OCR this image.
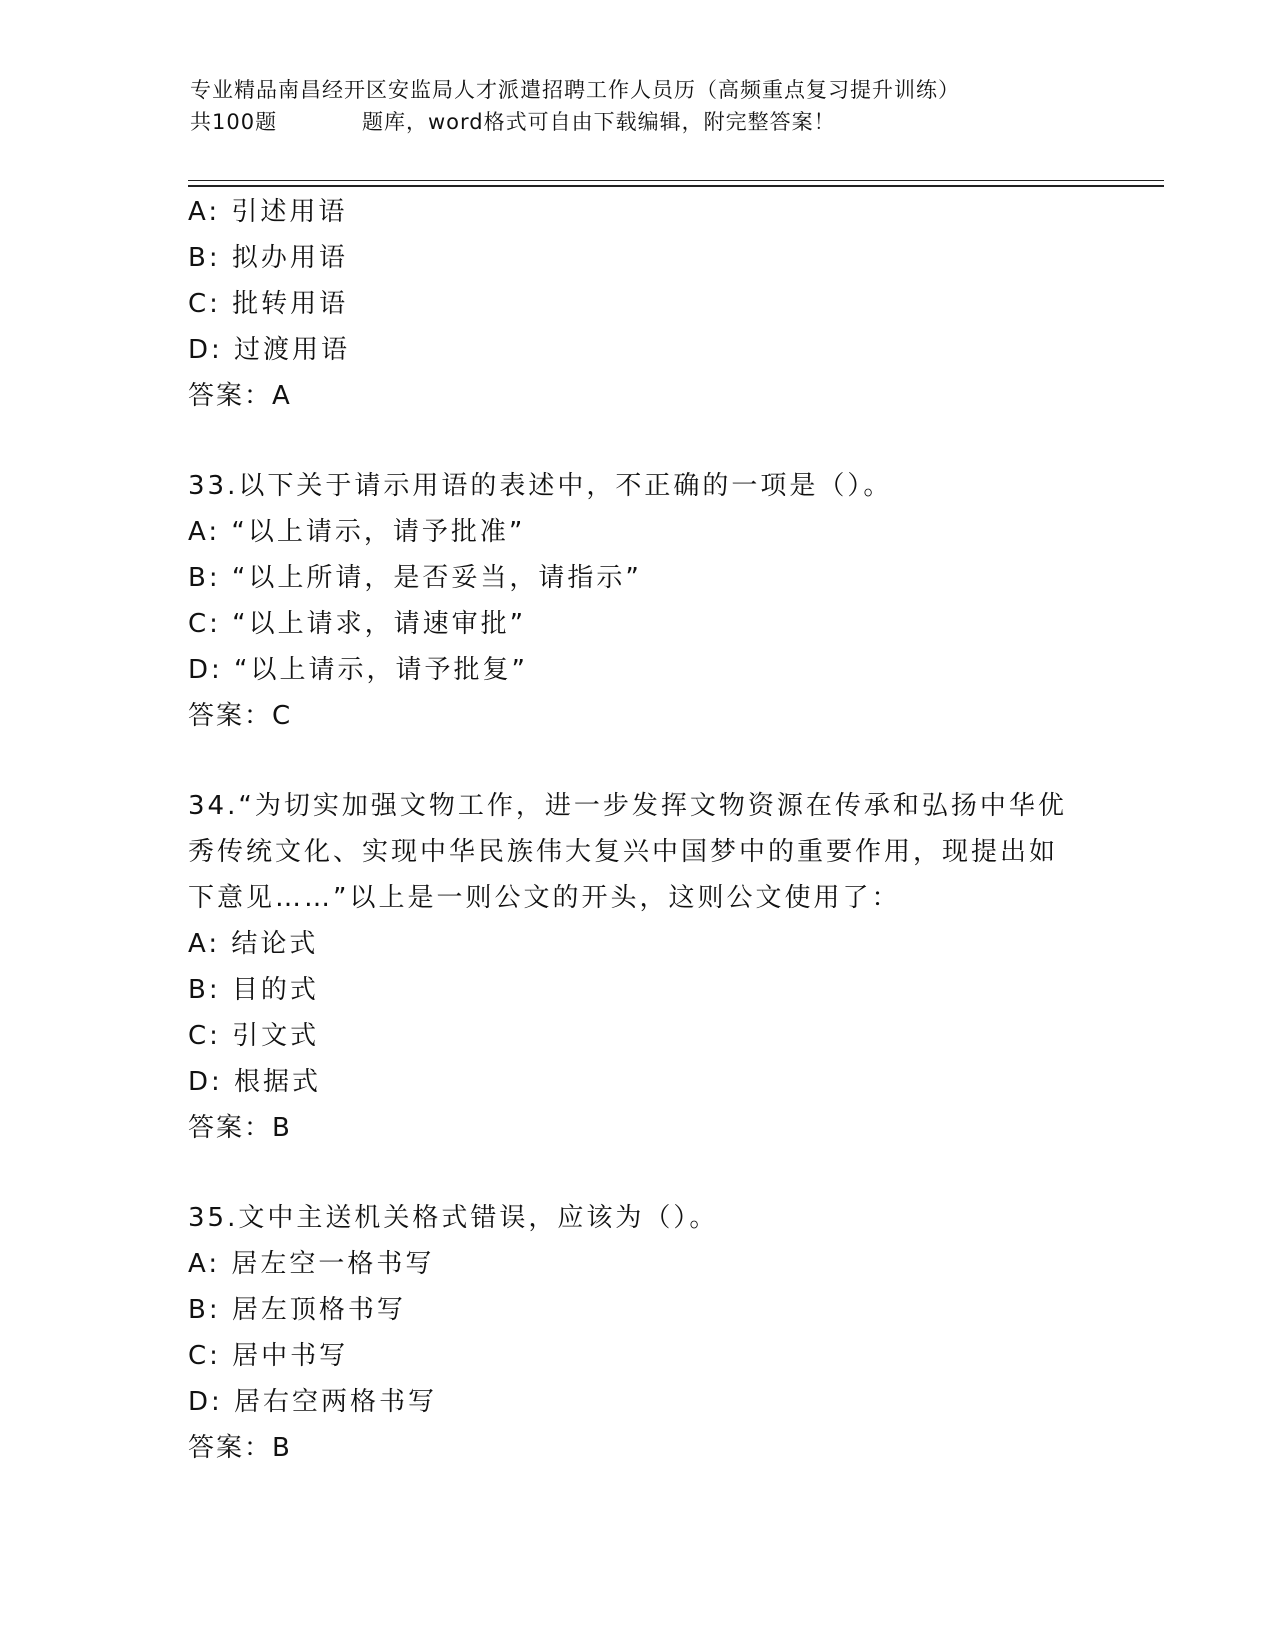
专业精品南昌经开区安监局人才派遣招聘工作人员历（高频重点复习提升训练）
共100题	题库，word格式可自由下载编辑，附完整答案！
A: 引述用语
B: 拟办用语
C: 批转用语
D: 过渡用语
答案：A
33.以下关于请示用语的表述中，不正确的一项是（）。
A: “以上请示，请予批准”
B: “以上所请，是否妥当，请指示”
C: “以上请求，请速审批”
D: “以上请示，请予批复”
答案：C
34.“为切实加强文物工作，进一步发挥文物资源在传承和弘扬中华优
秀传统文化、实现中华民族伟大复兴中国梦中的重要作用，现提出如
下意见……”以上是一则公文的开头，这则公文使用了：
A: 结论式
B: 目的式
C: 引文式
D: 根据式
答案：B
35.文中主送机关格式错误，应该为（）。
A: 居左空一格书写
B: 居左顶格书写
C: 居中书写
D: 居右空两格书写
答案：B
